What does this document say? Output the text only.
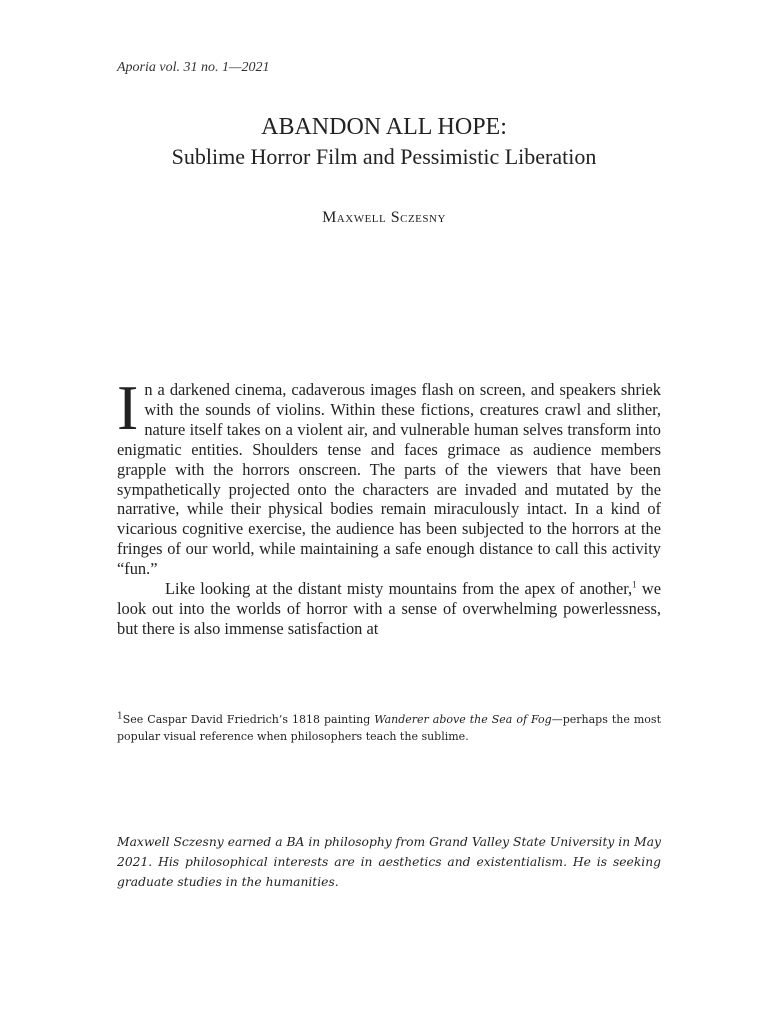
Aporia vol. 31 no. 1—2021
ABANDON ALL HOPE:
Sublime Horror Film and Pessimistic Liberation
Maxwell Sczesny

In a darkened cinema, cadaverous images flash on screen, and speakers shriek with the sounds of violins. Within these fictions, creatures crawl and slither, nature itself takes on a violent air, and vulnerable human selves transform into enigmatic entities. Shoulders tense and faces grimace as audience members grapple with the horrors onscreen. The parts of the viewers that have been sympathetically projected onto the characters are invaded and mutated by the narrative, while their physical bodies remain miraculously intact. In a kind of vicarious cognitive exercise, the audience has been subjected to the horrors at the fringes of our world, while maintaining a safe enough distance to call this activity “fun.”

Like looking at the distant misty mountains from the apex of another,$^1$ we look out into the worlds of horror with a sense of overwhelming powerlessness, but there is also immense satisfaction at

$^1$See Caspar David Friedrich’s 1818 painting Wanderer above the Sea of Fog—perhaps the most popular visual reference when philosophers teach the sublime.
Maxwell Sczesny earned a BA in philosophy from Grand Valley State University in May 2021. His philosophical interests are in aesthetics and existentialism. He is seeking graduate studies in the humanities.
